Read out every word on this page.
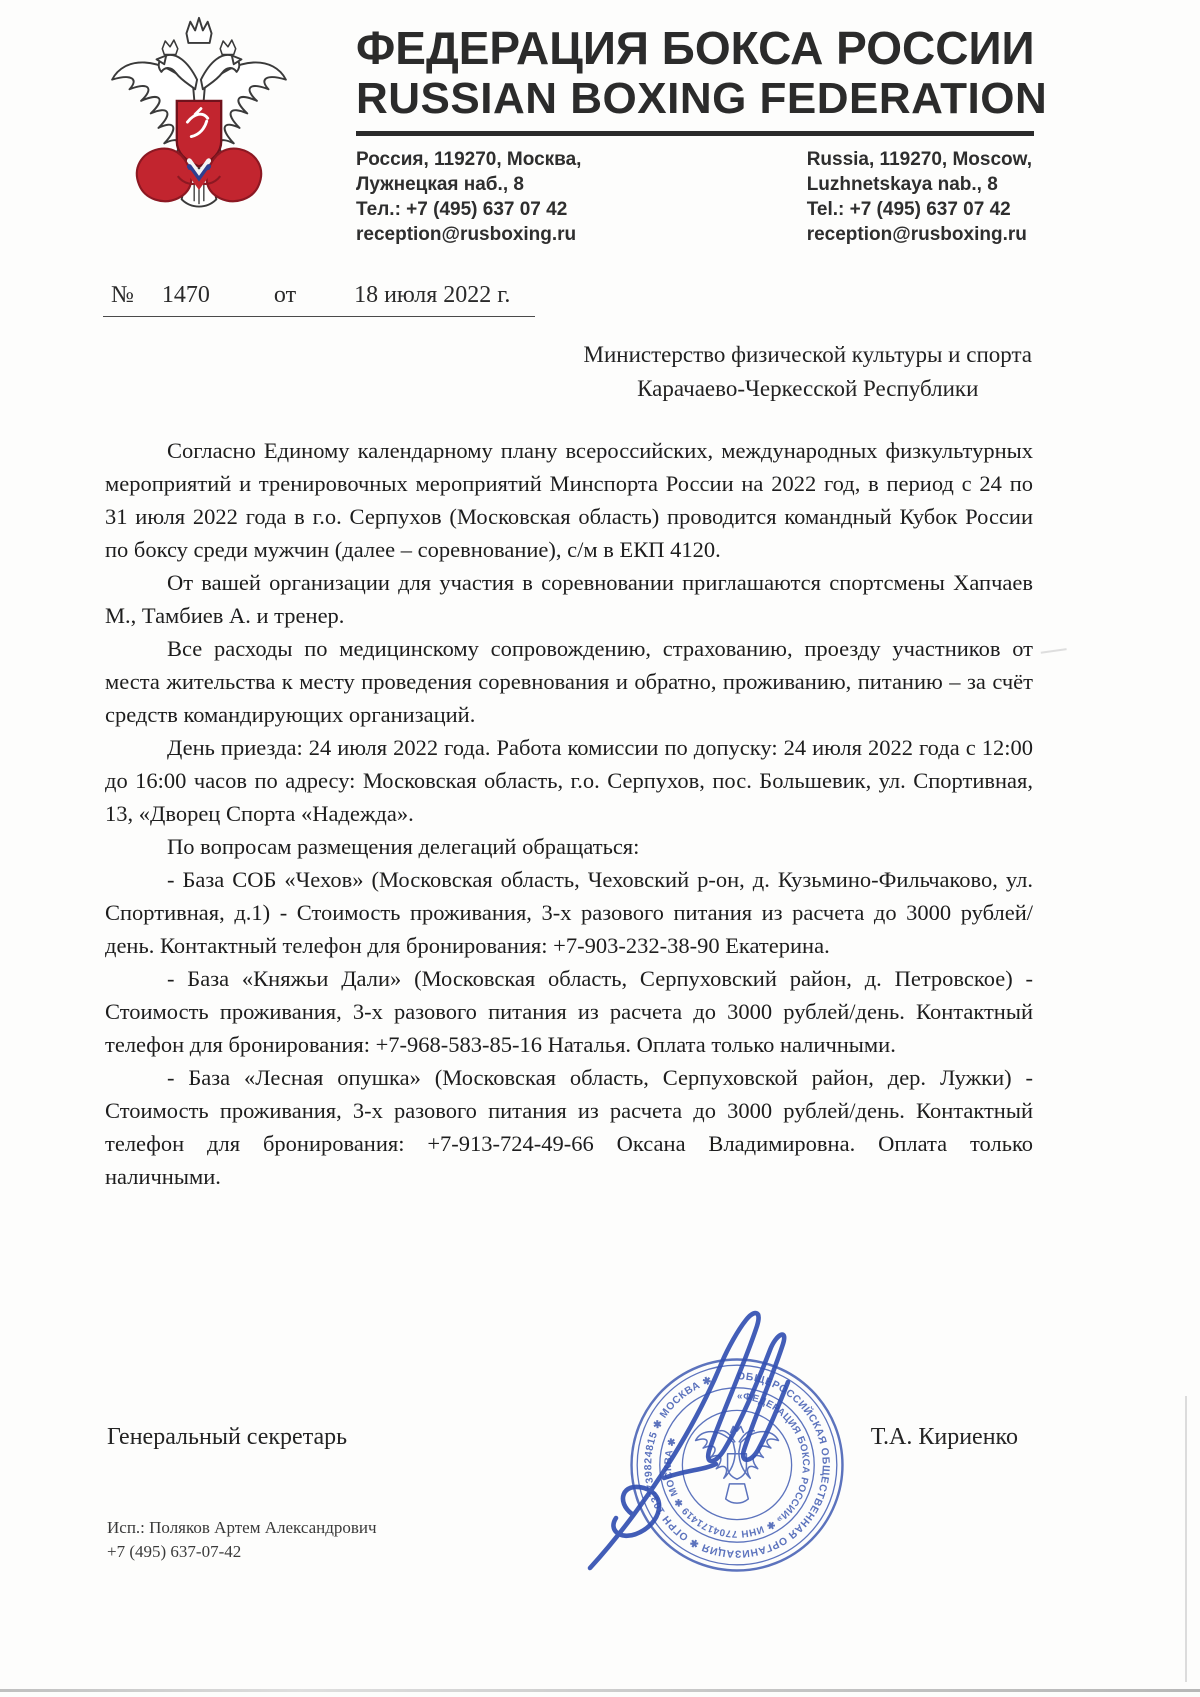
ФЕДЕРАЦИЯ БОКСА РОССИИ
RUSSIAN BOXING FEDERATION
Россия, 119270, Москва,
Лужнецкая наб., 8
Тел.: +7 (495) 637 07 42
reception@rusboxing.ru
Russia, 119270, Moscow,
Luzhnetskaya nab., 8
Tel.: +7 (495) 637 07 42
reception@rusboxing.ru
№ 1470	от 18 июля 2022 г.
Министерство физической культуры и спорта
Карачаево-Черкесской Республики

Согласно Единому календарному плану всероссийских, международных физкультурных мероприятий и тренировочных мероприятий Минспорта России на 2022 год, в период с 24 по 31 июля 2022 года в г.о. Серпухов (Московская область) проводится командный Кубок России по боксу среди мужчин (далее – соревнование), с/м в ЕКП 4120.

От вашей организации для участия в соревновании приглашаются спортсмены Хапчаев М., Тамбиев А. и тренер.

Все расходы по медицинскому сопровождению, страхованию, проезду участников от места жительства к месту проведения соревнования и обратно, проживанию, питанию – за счёт средств командирующих организаций.

День приезда: 24 июля 2022 года. Работа комиссии по допуску: 24 июля 2022 года с 12:00 до 16:00 часов по адресу: Московская область, г.о. Серпухов, пос. Большевик, ул. Спортивная, 13, «Дворец Спорта «Надежда».

По вопросам размещения делегаций обращаться:

- База СОБ «Чехов» (Московская область, Чеховский р-он, д. Кузьмино-Фильчаково, ул. Спортивная, д.1) - Стоимость проживания, 3-х разового питания из расчета до 3000 рублей/день. Контактный телефон для бронирования: +7-903-232-38-90 Екатерина.

- База «Княжьи Дали» (Московская область, Серпуховский район, д. Петровское) - Стоимость проживания, 3-х разового питания из расчета до 3000 рублей/день. Контактный телефон для бронирования: +7-968-583-85-16 Наталья. Оплата только наличными.

- База «Лесная опушка» (Московская область, Серпуховской район, дер. Лужки) - Стоимость проживания, 3-х разового питания из расчета до 3000 рублей/день. Контактный телефон для бронирования: +7-913-724-49-66 Оксана Владимировна. Оплата только наличными.

ОБЩЕРОССИЙСКАЯ ОБЩЕСТВЕННАЯ ОРГАНИЗАЦИЯ ✱ ОГРН 1037739824815 ✱ МОСКВА ✱
«ФЕДЕРАЦИЯ БОКСА РОССИИ» ✱ ИНН 7704171419 ✱ МОСКВА ✱
Генеральный секретарь	Т.А. Кириенко
Исп.: Поляков Артем Александрович
+7 (495) 637-07-42
